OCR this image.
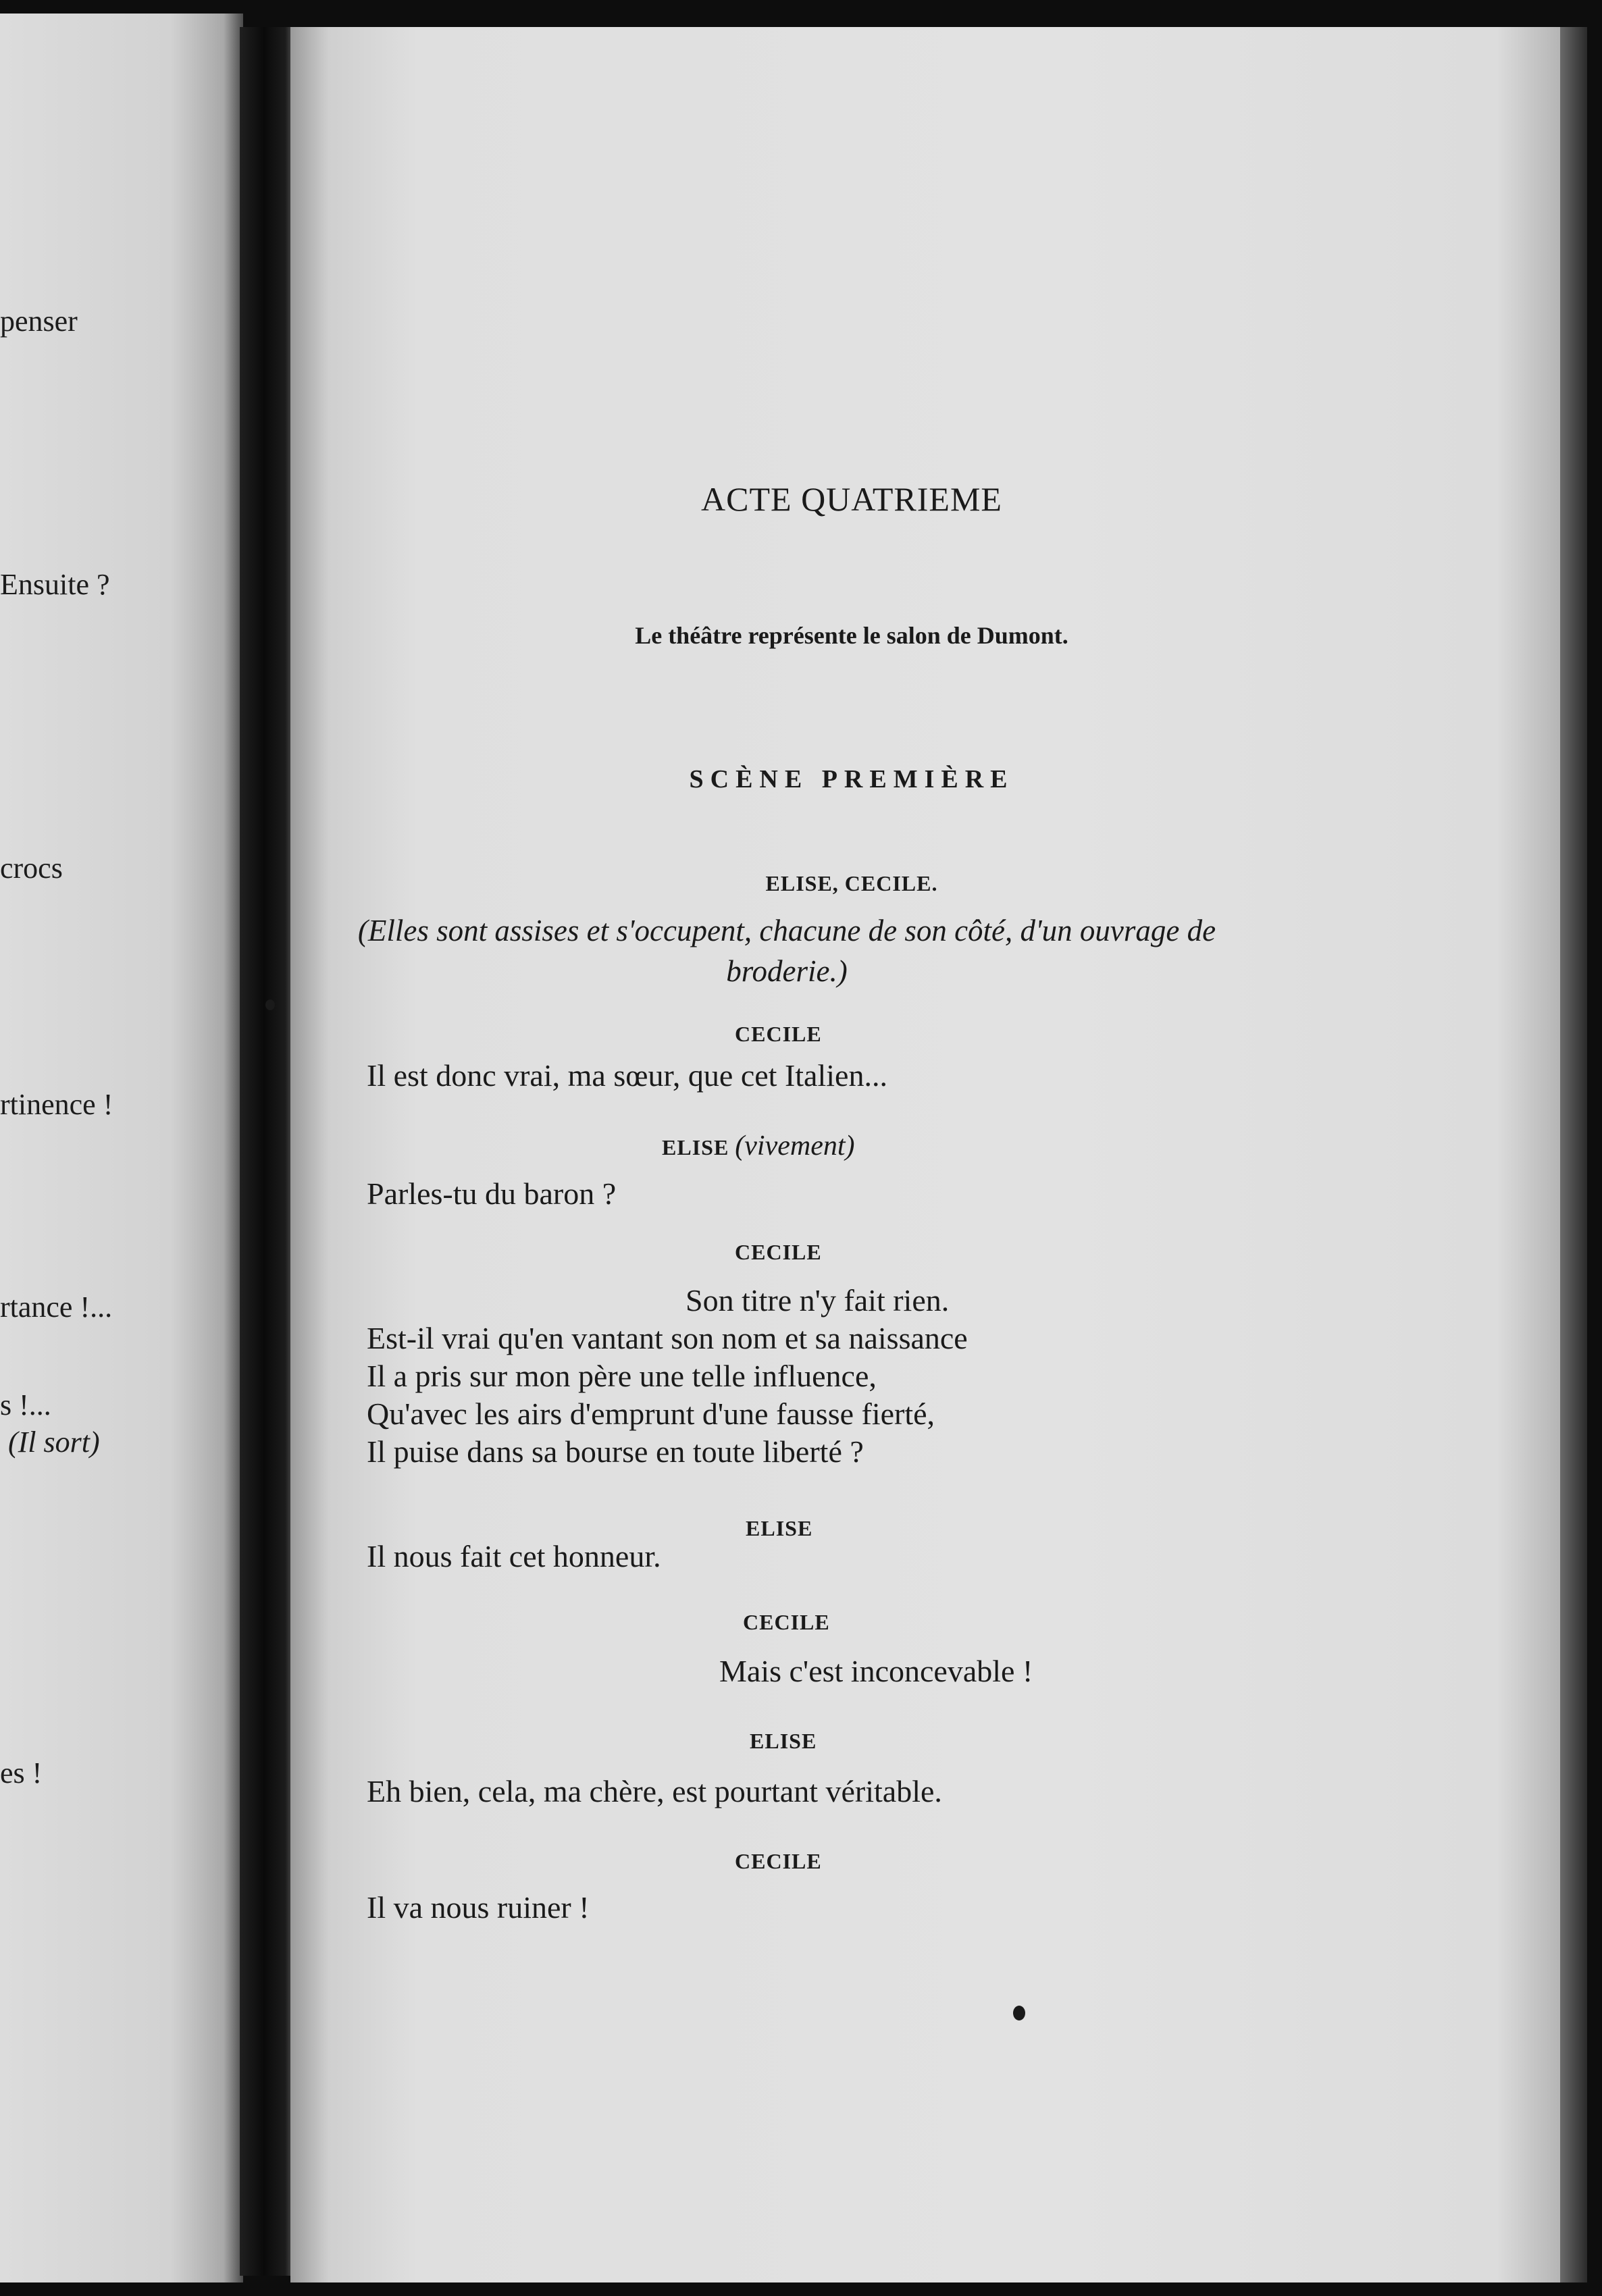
penser
Ensuite ?
crocs
rtinence !
rtance !...
s !...
(Il sort)
es !
ACTE QUATRIEME
Le théâtre représente le salon de Dumont.
SCÈNE PREMIÈRE
ELISE, CECILE.
(Elles sont assises et s'occupent, chacune de son côté, d'un ouvrage de broderie.)
CECILE
Il est donc vrai, ma sœur, que cet Italien...
ELISE (vivement)
Parles-tu du baron ?
CECILE
Son titre n'y fait rien.
Est-il vrai qu'en vantant son nom et sa naissance
Il a pris sur mon père une telle influence,
Qu'avec les airs d'emprunt d'une fausse fierté,
Il puise dans sa bourse en toute liberté ?
ELISE
Il nous fait cet honneur.
CECILE
Mais c'est inconcevable !
ELISE
Eh bien, cela, ma chère, est pourtant véritable.
CECILE
Il va nous ruiner !
